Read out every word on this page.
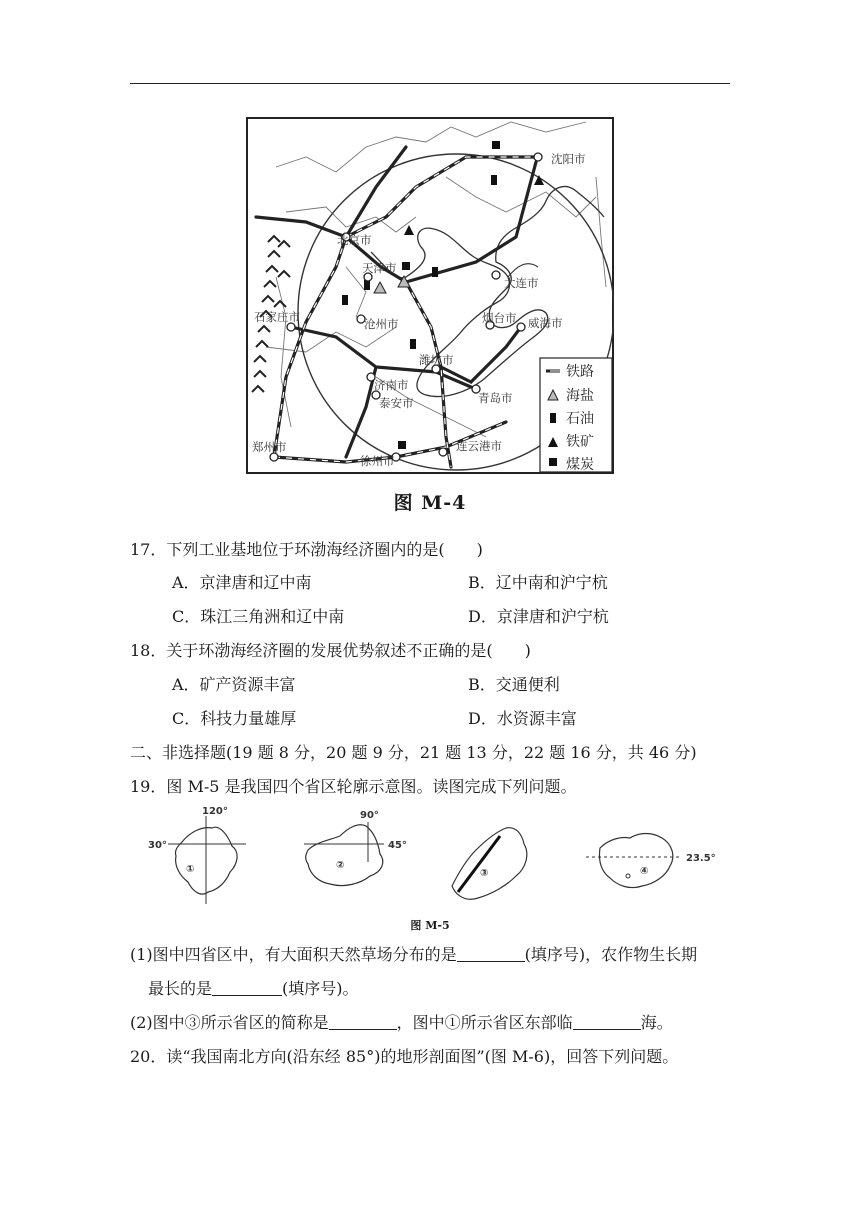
沈阳市
北京市
天津市
大连市
石家庄市	沧州市	烟台市 威海市
潍坊市
济南市
泰安市	青岛市
郑州市
徐州市
连云港市
铁路
海盐
石油
铁矿
煤炭
图 M-4
17．下列工业基地位于环渤海经济圈内的是(　　)
A．京津唐和辽中南	B．辽中南和沪宁杭
C．珠江三角洲和辽中南	D．京津唐和沪宁杭
18．关于环渤海经济圈的发展优势叙述不正确的是(　　)
A．矿产资源丰富	B．交通便利
C．科技力量雄厚	D．水资源丰富
二、非选择题(19 题 8 分，20 题 9 分，21 题 13 分，22 题 16 分，共 46 分)
19．图 M-5 是我国四个省区轮廓示意图。读图完成下列问题。
120°
30°
①
90°
45°
②
③
23.5°
④
图 M-5
(1)图中四省区中，有大面积天然草场分布的是	(填序号)，农作物生长期
最长的是	(填序号)。
(2)图中③所示省区的简称是	，图中①所示省区东部临	海。
20．读“我国南北方向(沿东经 85°)的地形剖面图”(图 M-6)，回答下列问题。
